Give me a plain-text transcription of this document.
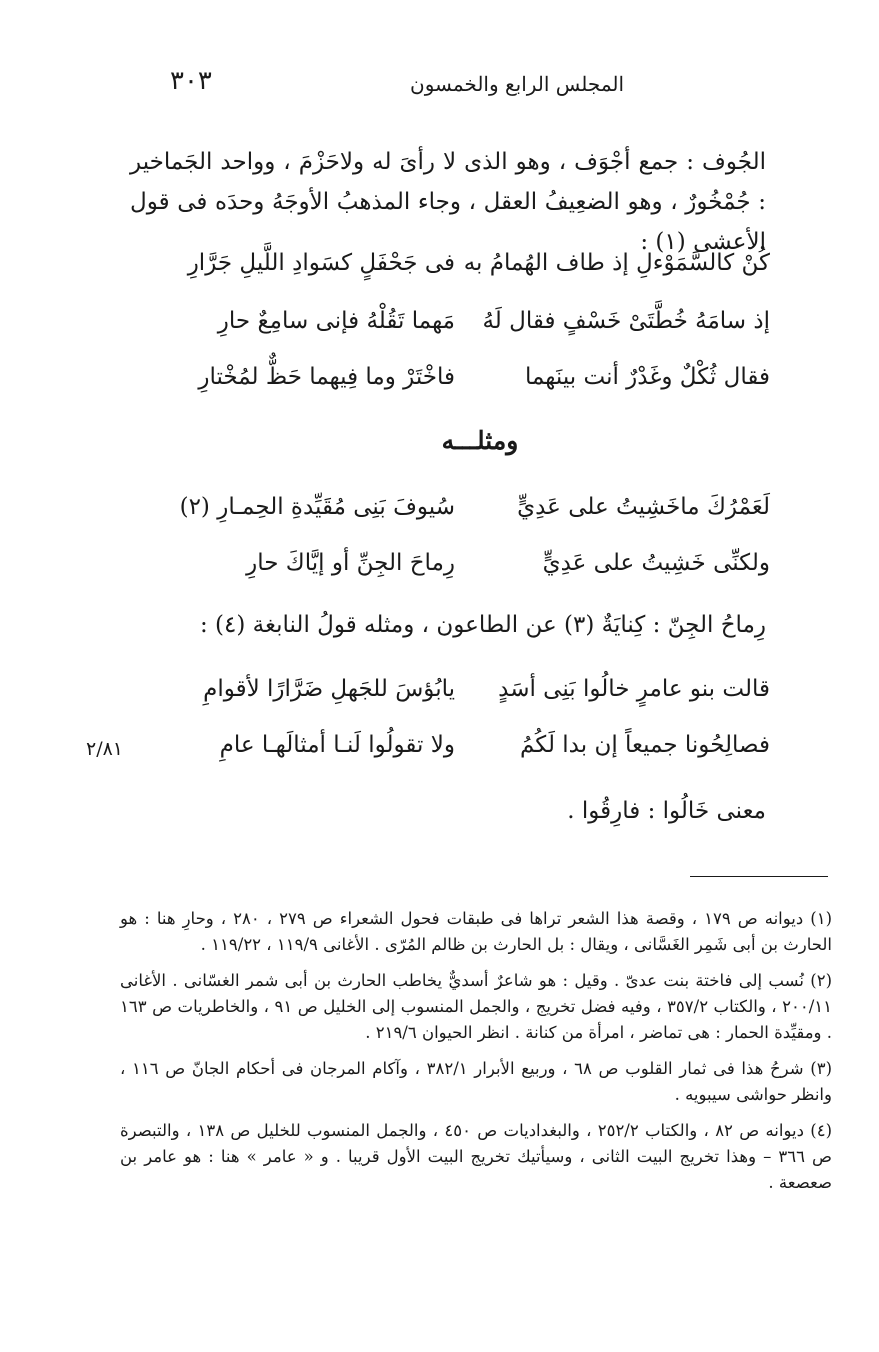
٣٠٣	المجلس الرابع والخمسون

الجُوف : جمع أجْوَف ، وهو الذى لا رأىَ له ولاحَزْمَ ، وواحد الجَماخير : جُمْخُورٌ ، وهو الضعِيفُ العقل ، وجاء المذهبُ الأوجَهُ وحدَه فى قول الأعشى (١) :

كُنْ كالسَّمَوْءلِ إذ طاف الهُمامُ به
فى جَحْفَلٍ كسَوادِ اللَّيلِ جَرَّارِ
إذ سامَهُ خُطَّتَىْ خَسْفٍ فقال لَهُ
مَهما تَقُلْهُ فإنى سامِعٌ حارِ
فقال ثُكْلٌ وغَدْرٌ أنت بينَهما
فاخْتَرْ وما فِيهما حَظٌّ لمُخْتارِ
ومثلـــه
لَعَمْرُكَ ماخَشِيتُ على عَدِيٍّ
سُيوفَ بَنِى مُقَيِّدةِ الحِمـارِ (٢)
ولكنِّى خَشِيتُ على عَدِيٍّ
رِماحَ الجِنِّ أو إيَّاكَ حارِ
رِماحُ الجِنّ : كِنايَةٌ (٣) عن الطاعون ، ومثله قولُ النابغة (٤) :
قالت بنو عامرٍ خالُوا بَنِى أسَدٍ
يابُؤسَ للجَهلِ ضَرَّارًا لأقوامِ
فصالِحُونا جميعاً إن بدا لَكُمُ
ولا تقولُوا لَنـا أمثالَهـا عامِ
٢/٨١
معنى خَالُوا : فارِقُوا .

(١) ديوانه ص ١٧٩ ، وقصة هذا الشعر تراها فى طبقات فحول الشعراء ص ٢٧٩ ، ٢٨٠ ، وحارِ هنا : هو الحارث بن أبى شَمِر الغَسَّانى ، ويقال : بل الحارث بن ظالم المُرّى . الأغانى ١١٩/٩ ، ١١٩/٢٢ .

(٢) نُسب إلى فاختة بنت عدىّ . وقيل : هو شاعرٌ أسديٌّ يخاطب الحارث بن أبى شمر الغسّانى . الأغانى ٢٠٠/١١ ، والكتاب ٣٥٧/٢ ، وفيه فضل تخريج ، والجمل المنسوب إلى الخليل ص ٩١ ، والخاطريات ص ١٦٣ . ومقيِّدة الحمار : هى تماضر ، امرأة من كنانة . انظر الحيوان ٢١٩/٦ .

(٣) شرحُ هذا فى ثمار القلوب ص ٦٨ ، وربيع الأبرار ٣٨٢/١ ، وآكام المرجان فى أحكام الجانّ ص ١١٦ ، وانظر حواشى سيبويه .

(٤) ديوانه ص ٨٢ ، والكتاب ٢٥٢/٢ ، والبغداديات ص ٤٥٠ ، والجمل المنسوب للخليل ص ١٣٨ ، والتبصرة ص ٣٦٦ – وهذا تخريج البيت الثانى ، وسيأتيك تخريج البيت الأول قريبا . و « عامر » هنا : هو عامر بن صعصعة .
